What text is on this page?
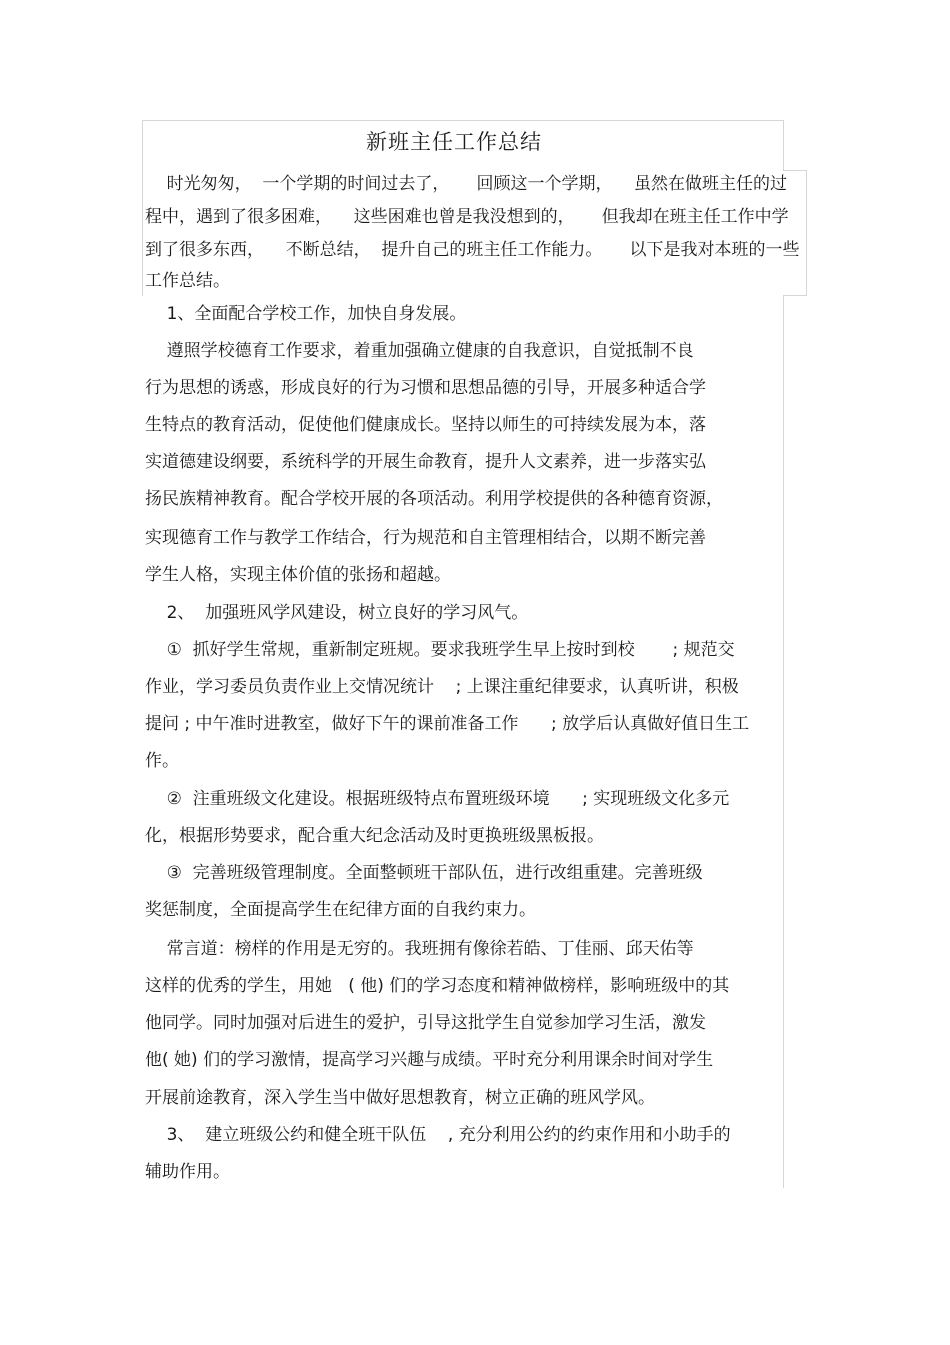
新班主任工作总结
时光匆匆，  一个学期的时间过去了，     回顾这一个学期，    虽然在做班主任的过
程中，遇到了很多困难，    这些困难也曾是我没想到的，     但我却在班主任工作中学
到了很多东西，    不断总结，  提升自己的班主任工作能力。     以下是我对本班的一些
工作总结。
1、全面配合学校工作，加快自身发展。
遵照学校德育工作要求，着重加强确立健康的自我意识，自觉抵制不良
行为思想的诱惑，形成良好的行为习惯和思想品德的引导，开展多种适合学
生特点的教育活动，促使他们健康成长。坚持以师生的可持续发展为本，落
实道德建设纲要，系统科学的开展生命教育，提升人文素养，进一步落实弘
扬民族精神教育。配合学校开展的各项活动。利用学校提供的各种德育资源，
实现德育工作与教学工作结合，行为规范和自主管理相结合，以期不断完善
学生人格，实现主体价值的张扬和超越。
2、  加强班风学风建设，树立良好的学习风气。
①  抓好学生常规，重新制定班规。要求我班学生早上按时到校       ; 规范交
作业，学习委员负责作业上交情况统计    ; 上课注重纪律要求，认真听讲，积极
提问 ; 中午准时进教室，做好下午的课前准备工作      ; 放学后认真做好值日生工
作。
②  注重班级文化建设。根据班级特点布置班级环境      ; 实现班级文化多元
化，根据形势要求，配合重大纪念活动及时更换班级黑板报。
③  完善班级管理制度。全面整顿班干部队伍，进行改组重建。完善班级
奖惩制度，全面提高学生在纪律方面的自我约束力。
常言道：榜样的作用是无穷的。我班拥有像徐若皓、丁佳丽、邱天佑等
这样的优秀的学生，用她   ( 他) 们的学习态度和精神做榜样，影响班级中的其
他同学。同时加强对后进生的爱护，引导这批学生自觉参加学习生活，激发
他( 她) 们的学习激情，提高学习兴趣与成绩。平时充分利用课余时间对学生
开展前途教育，深入学生当中做好思想教育，树立正确的班风学风。
3、  建立班级公约和健全班干队伍    , 充分利用公约的约束作用和小助手的
辅助作用。
